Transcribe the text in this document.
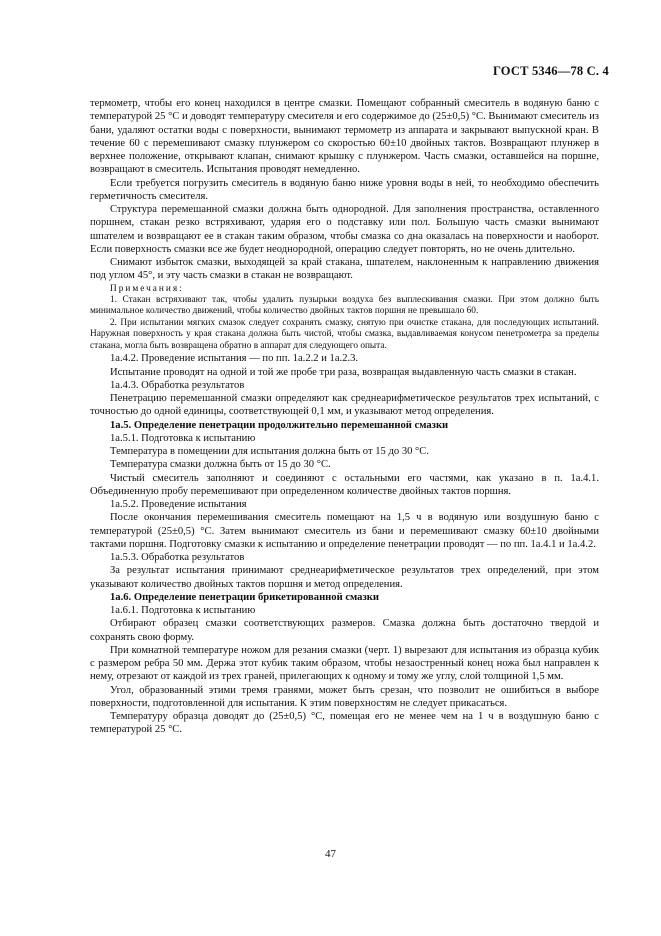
ГОСТ 5346—78 С. 4

термометр, чтобы его конец находился в центре смазки. Помещают собранный смеситель в водяную баню с температурой 25 °С и доводят температуру смесителя и его содержимое до (25±0,5) °С. Вынимают смеситель из бани, удаляют остатки воды с поверхности, вынимают термометр из аппарата и закрывают выпускной кран. В течение 60 с перемешивают смазку плунжером со скоростью 60±10 двойных тактов. Возвращают плунжер в верхнее положение, открывают клапан, снимают крышку с плунжером. Часть смазки, оставшейся на поршне, возвращают в смеситель. Испытания проводят немедленно.

Если требуется погрузить смеситель в водяную баню ниже уровня воды в ней, то необходимо обеспечить герметичность смесителя.

Структура перемешанной смазки должна быть однородной. Для заполнения пространства, оставленного поршнем, стакан резко встряхивают, ударяя его о подставку или пол. Большую часть смазки вынимают шпателем и возвращают ее в стакан таким образом, чтобы смазка со дна оказалась на поверхности и наоборот. Если поверхность смазки все же будет неоднородной, операцию следует повторять, но не очень длительно.

Снимают избыток смазки, выходящей за край стакана, шпателем, наклоненным к направлению движения под углом 45°, и эту часть смазки в стакан не возвращают.

Примечания:

1. Стакан встряхивают так, чтобы удалить пузырьки воздуха без выплескивания смазки. При этом должно быть минимальное количество движений, чтобы количество двойных тактов поршня не превышало 60.

2. При испытании мягких смазок следует сохранять смазку, снятую при очистке стакана, для последующих испытаний. Наружная поверхность у края стакана должна быть чистой, чтобы смазка, выдавливаемая конусом пенетрометра за пределы стакана, могла быть возвращена обратно в аппарат для следующего опыта.

1а.4.2. Проведение испытания — по пп. 1а.2.2 и 1а.2.3.

Испытание проводят на одной и той же пробе три раза, возвращая выдавленную часть смазки в стакан.

1а.4.3. Обработка результатов

Пенетрацию перемешанной смазки определяют как среднеарифметическое результатов трех испытаний, с точностью до одной единицы, соответствующей 0,1 мм, и указывают метод определения.

1а.5. Определение пенетрации продолжительно перемешанной смазки

1а.5.1. Подготовка к испытанию

Температура в помещении для испытания должна быть от 15 до 30 °С.

Температура смазки должна быть от 15 до 30 °С.

Чистый смеситель заполняют и соединяют с остальными его частями, как указано в п. 1а.4.1. Объединенную пробу перемешивают при определенном количестве двойных тактов поршня.

1а.5.2. Проведение испытания

После окончания перемешивания смеситель помещают на 1,5 ч в водяную или воздушную баню с температурой (25±0,5) °С. Затем вынимают смеситель из бани и перемешивают смазку 60±10 двойными тактами поршня. Подготовку смазки к испытанию и определение пенетрации проводят — по пп. 1а.4.1 и 1а.4.2.

1а.5.3. Обработка результатов

За результат испытания принимают среднеарифметическое результатов трех определений, при этом указывают количество двойных тактов поршня и метод определения.

1а.6. Определение пенетрации брикетированной смазки

1а.6.1. Подготовка к испытанию

Отбирают образец смазки соответствующих размеров. Смазка должна быть достаточно твердой и сохранять свою форму.

При комнатной температуре ножом для резания смазки (черт. 1) вырезают для испытания из образца кубик с размером ребра 50 мм. Держа этот кубик таким образом, чтобы незаостренный конец ножа был направлен к нему, отрезают от каждой из трех граней, прилегающих к одному и тому же углу, слой толщиной 1,5 мм.

Угол, образованный этими тремя гранями, может быть срезан, что позволит не ошибиться в выборе поверхности, подготовленной для испытания. К этим поверхностям не следует прикасаться.

Температуру образца доводят до (25±0,5) °С, помещая его не менее чем на 1 ч в воздушную баню с температурой 25 °С.

47
